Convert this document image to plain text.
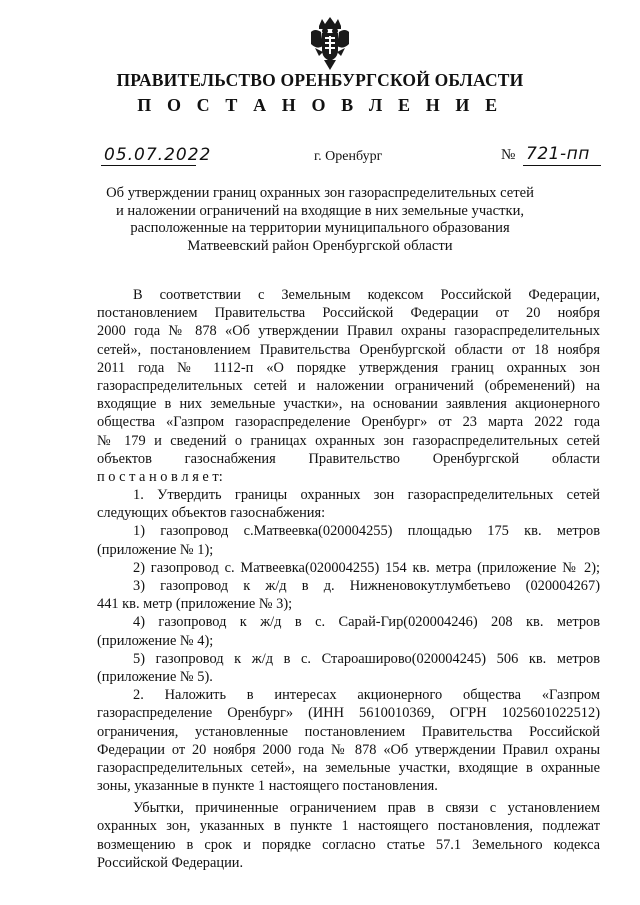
ПРАВИТЕЛЬСТВО ОРЕНБУРГСКОЙ ОБЛАСТИ
П О С Т А Н О В Л Е Н И Е
05.07.2022	г. Оренбург	№ 721-пп
Об утверждении границ охранных зон газораспределительных сетей
и наложении ограничений на входящие в них земельные участки,
расположенные на территории муниципального образования
Матвеевский район Оренбургской области
В соответствии с Земельным кодексом Российской Федерации,
постановлением Правительства Российской Федерации от 20 ноября
2000 года № 878 «Об утверждении Правил охраны газораспределительных
сетей», постановлением Правительства Оренбургской области от 18 ноября
2011 года № 1112-п «О порядке утверждения границ охранных зон
газораспределительных сетей и наложении ограничений (обременений) на
входящие в них земельные участки», на основании заявления акционерного
общества «Газпром газораспределение Оренбург» от 23 марта 2022 года
№ 179 и сведений о границах охранных зон газораспределительных сетей
объектов газоснабжения Правительство Оренбургской области
п о с т а н о в л я е т:
1. Утвердить границы охранных зон газораспределительных сетей
следующих объектов газоснабжения:
1) газопровод с.Матвеевка(020004255) площадью 175 кв. метров
(приложение № 1);
2) газопровод с. Матвеевка(020004255) 154 кв. метра (приложение № 2);
3) газопровод к ж/д в д. Нижненовокутлумбетьево (020004267)
441 кв. метр (приложение № 3);
4) газопровод к ж/д в с. Сарай-Гир(020004246) 208 кв. метров
(приложение № 4);
5) газопровод к ж/д в с. Староаширово(020004245) 506 кв. метров
(приложение № 5).
2. Наложить в интересах акционерного общества «Газпром
газораспределение Оренбург» (ИНН 5610010369, ОГРН 1025601022512)
ограничения, установленные постановлением Правительства Российской
Федерации от 20 ноября 2000 года № 878 «Об утверждении Правил охраны
газораспределительных сетей», на земельные участки, входящие в охранные
зоны, указанные в пункте 1 настоящего постановления.
Убытки, причиненные ограничением прав в связи с установлением
охранных зон, указанных в пункте 1 настоящего постановления, подлежат
возмещению в срок и порядке согласно статье 57.1 Земельного кодекса
Российской Федерации.
